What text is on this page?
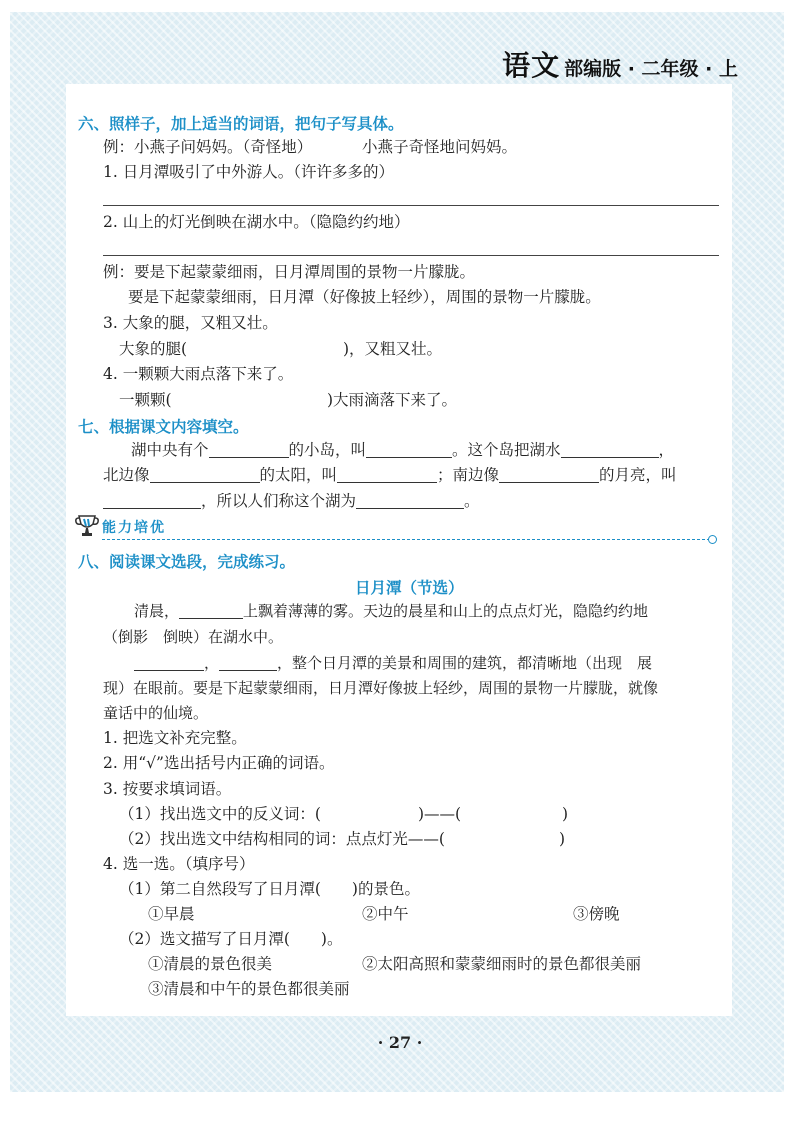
语文 部编版 · 二年级 · 上
六、照样子，加上适当的词语，把句子写具体。
例：小燕子问妈妈。（奇怪地）	小燕子奇怪地问妈妈。
1. 日月潭吸引了中外游人。（许许多多的）
2. 山上的灯光倒映在湖水中。（隐隐约约地）
例：要是下起蒙蒙细雨，日月潭周围的景物一片朦胧。
要是下起蒙蒙细雨，日月潭（好像披上轻纱），周围的景物一片朦胧。
3. 大象的腿，又粗又壮。
大象的腿(	)，又粗又壮。
4. 一颗颗大雨点落下来了。
一颗颗(	)大雨滴落下来了。
七、根据课文内容填空。
湖中央有个	的小岛，叫	。这个岛把湖水	，
北边像	的太阳，叫	；南边像	的月亮，叫
，所以人们称这个湖为	。
能力培优
八、阅读课文选段，完成练习。
日月潭（节选）
清晨，	上飘着薄薄的雾。天边的晨星和山上的点点灯光，隐隐约约地
（倒影　倒映）在湖水中。
，	，整个日月潭的美景和周围的建筑，都清晰地（出现　展
现）在眼前。要是下起蒙蒙细雨，日月潭好像披上轻纱，周围的景物一片朦胧，就像
童话中的仙境。
1. 把选文补充完整。
2. 用“√”选出括号内正确的词语。
3. 按要求填词语。
（1）找出选文中的反义词：(	)——(	)
（2）找出选文中结构相同的词：点点灯光——(	)
4. 选一选。（填序号）
（1）第二自然段写了日月潭(　　)的景色。
①早晨	②中午	③傍晚
（2）选文描写了日月潭(　　)。
①清晨的景色很美	②太阳高照和蒙蒙细雨时的景色都很美丽
③清晨和中午的景色都很美丽
· 27 ·
